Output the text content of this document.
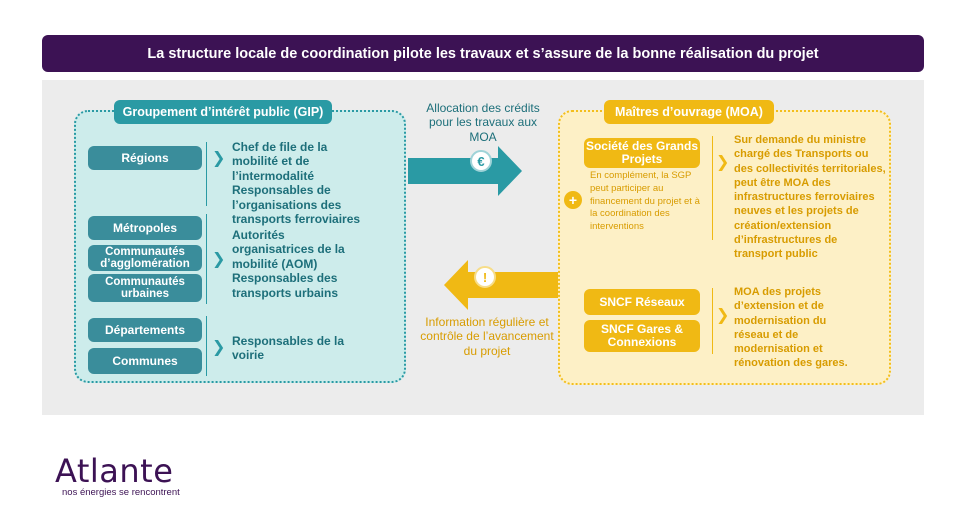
La structure locale de coordination pilote les travaux et s’assure de la bonne réalisation du projet
Groupement d’intérêt public (GIP)
Régions	❯
Chef de file de la mobilité et de l’intermodalité Responsables de l’organisations des transports ferroviaires
Métropoles
Communautés d’agglomération
Communautés urbaines
❯
Autorités organisatrices de la mobilité (AOM) Responsables des transports urbains
Départements
Communes
❯ Responsables de la voirie
Allocation des crédits pour les travaux aux MOA
€
!
Information régulière et contrôle de l’avancement du projet
Maîtres d’ouvrage (MOA)
Société des Grands Projets
+
En complément, la SGP peut participer au financement du projet et à la coordination des interventions
❯
Sur demande du ministre chargé des Transports ou des collectivités territoriales, peut être MOA des infrastructures ferroviaires neuves et les projets de création/extension d’infrastructures de transport public
SNCF Réseaux
SNCF Gares & Connexions
❯
MOA des projets d’extension et de modernisation du réseau et de modernisation et rénovation des gares.
Atlante
nos énergies se rencontrent
